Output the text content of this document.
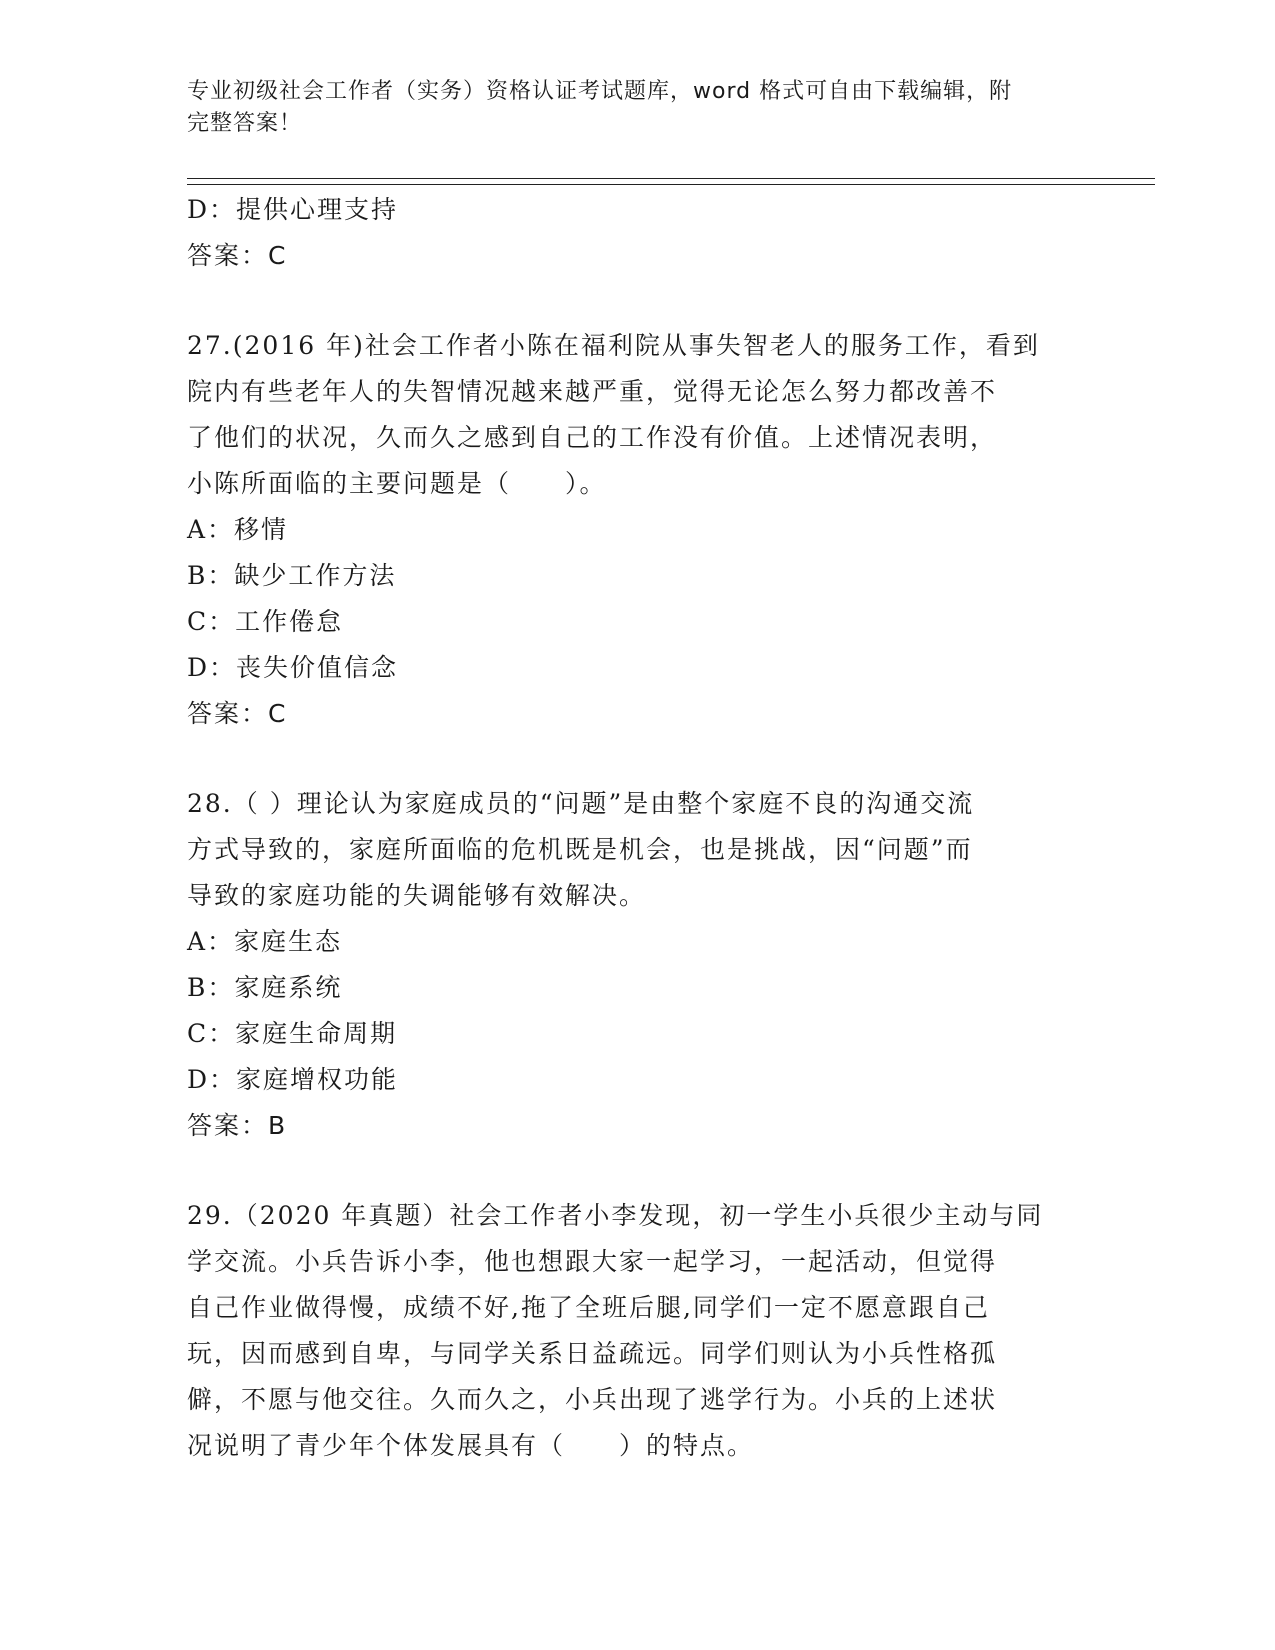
专业初级社会工作者（实务）资格认证考试题库，word 格式可自由下载编辑，附
完整答案！
D：提供心理支持
答案：C
27.(2016 年)社会工作者小陈在福利院从事失智老人的服务工作，看到
院内有些老年人的失智情况越来越严重，觉得无论怎么努力都改善不
了他们的状况，久而久之感到自己的工作没有价值。上述情况表明，
小陈所面临的主要问题是（　　）。
A：移情
B：缺少工作方法
C：工作倦怠
D：丧失价值信念
答案：C
28.（ ）理论认为家庭成员的“问题”是由整个家庭不良的沟通交流
方式导致的，家庭所面临的危机既是机会，也是挑战，因“问题”而
导致的家庭功能的失调能够有效解决。
A：家庭生态
B：家庭系统
C：家庭生命周期
D：家庭增权功能
答案：B
29.（2020 年真题）社会工作者小李发现，初一学生小兵很少主动与同
学交流。小兵告诉小李，他也想跟大家一起学习，一起活动，但觉得
自己作业做得慢，成绩不好,拖了全班后腿,同学们一定不愿意跟自己
玩，因而感到自卑，与同学关系日益疏远。同学们则认为小兵性格孤
僻，不愿与他交往。久而久之，小兵出现了逃学行为。小兵的上述状
况说明了青少年个体发展具有（　　）的特点。
